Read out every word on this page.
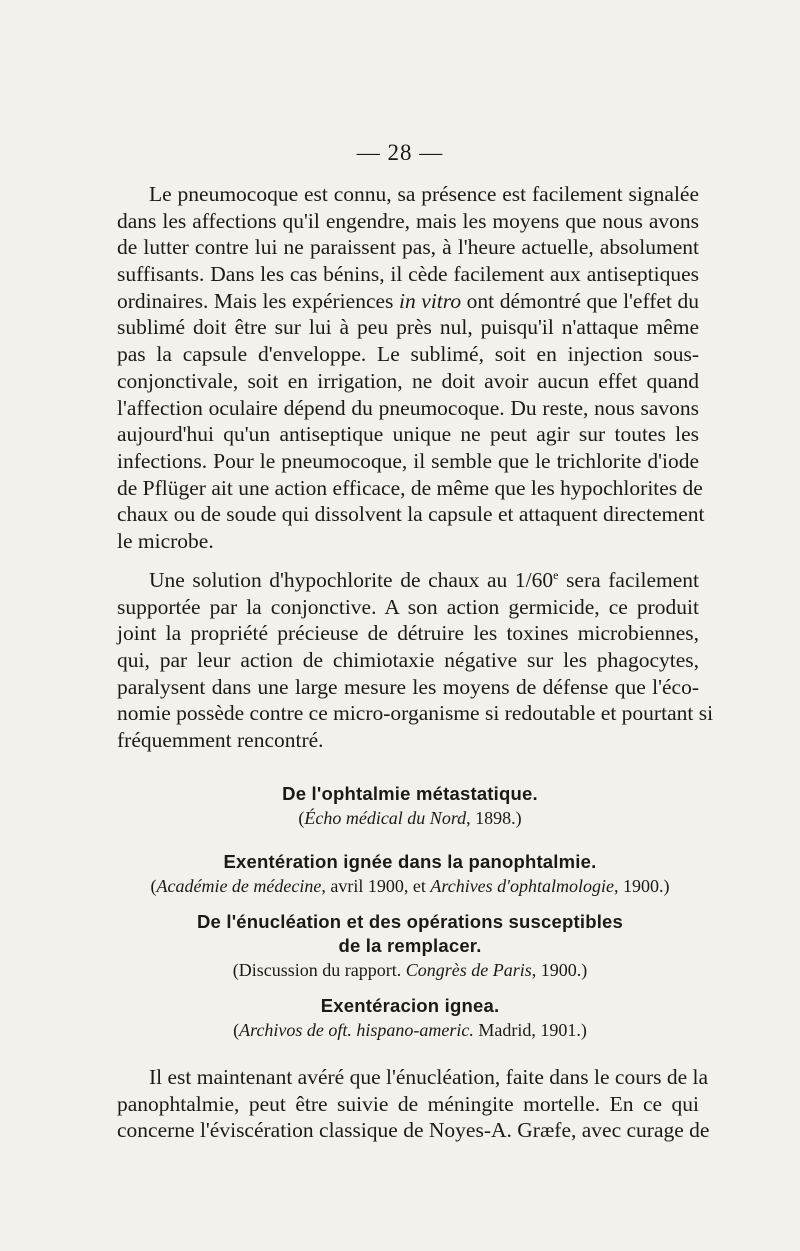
— 28 —
Le pneumocoque est connu, sa présence est facilement signalée
dans les affections qu'il engendre, mais les moyens que nous avons
de lutter contre lui ne paraissent pas, à l'heure actuelle, absolument
suffisants. Dans les cas bénins, il cède facilement aux antiseptiques
ordinaires. Mais les expériences in vitro ont démontré que l'effet du
sublimé doit être sur lui à peu près nul, puisqu'il n'attaque même
pas la capsule d'enveloppe. Le sublimé, soit en injection sous-
conjonctivale, soit en irrigation, ne doit avoir aucun effet quand
l'affection oculaire dépend du pneumocoque. Du reste, nous savons
aujourd'hui qu'un antiseptique unique ne peut agir sur toutes les
infections. Pour le pneumocoque, il semble que le trichlorite d'iode
de Pflüger ait une action efficace, de même que les hypochlorites de
chaux ou de soude qui dissolvent la capsule et attaquent directement
le microbe.
Une solution d'hypochlorite de chaux au 1/60e sera facilement
supportée par la conjonctive. A son action germicide, ce produit
joint la propriété précieuse de détruire les toxines microbiennes,
qui, par leur action de chimiotaxie négative sur les phagocytes,
paralysent dans une large mesure les moyens de défense que l'éco-
nomie possède contre ce micro-organisme si redoutable et pourtant si
fréquemment rencontré.
De l'ophtalmie métastatique.
(Écho médical du Nord, 1898.)
Exentération ignée dans la panophtalmie.
(Académie de médecine, avril 1900, et Archives d'ophtalmologie, 1900.)
De l'énucléation et des opérations susceptibles
de la remplacer.
(Discussion du rapport. Congrès de Paris, 1900.)
Exentéracion ignea.
(Archivos de oft. hispano-americ. Madrid, 1901.)
Il est maintenant avéré que l'énucléation, faite dans le cours de la
panophtalmie, peut être suivie de méningite mortelle. En ce qui
concerne l'éviscération classique de Noyes-A. Græfe, avec curage de
